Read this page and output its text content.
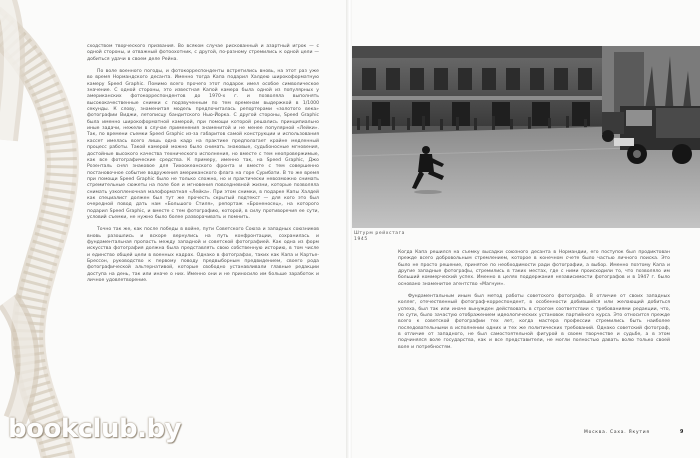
сходством творческого призвания. Во всяком случае рискованный и азартный игрок — с одной стороны, и отважный фотоохотник, с другой, по-разному стремились к одной цели — добиться удачи в своем деле Рейна.

По воле военного погоды, и фотокорреспонденты встретились вновь, на этот раз уже во время Нормандского десанта. Именно тогда Капа подарил Халдею широкоформатную камеру Speed Graphic. Помимо всего прочего этот подарок имел особое символическое значение. С одной стороны, это известная Капой камера была одной из популярных у американских фотокорреспондентов до 1970-х г. и позволяла выполнять высококачественные снимки с подзвученным по тем временам выдержкой в 1/1000 секунды. К слову, знаменитая модель предпочиталась репортерами «золотого века» фотографии Виджи, летописцу бандитского Нью-Йорка. С другой стороны, Speed Graphic была именно широкоформатной камерой, при помощи которой решались принципиально иные задачи, нежели в случае применения знаменитой и не менее популярной «Лейки». Так, по времени съемки Speed Graphic из-за габаритов самой конструкции и использования кассет имелась всего лишь одна кадр на практике предполагает крайне медленный процесс работы. Такой камерой можно было снимать знаковые, судьбоносные мгновения, достойные высокого качества технического исполнения, но вместе с тем неопровержимые, как все фотографические средства. К примеру, именно так, на Speed Graphic, Джо Розенталь снял знаковое для Тихоокеанского фронта и вместе с тем совершенно постановочное событие водружения американского флага на горе Сурибати. В то же время при помощи Speed Graphic было не только сложно, но и практически невозможно снимать стремительные сюжеты на поле боя и мгновения повседневной жизни, которые позволяла снимать узкопленочная малоформатная «Лейка». При этом снимки, в подарке Капы Халдей как специалист должен был тут же прочесть скрытый подтекст — для кого это был очередной повод дать нам «Большого Стиля», репортаж «Броненосец», на которого подарил Speed Graphic, и вместе с тем фотографию, которой, в силу противоречия ее сути, условий съемки, не нужно было более разворачивать и помнить.

Точно так же, как после победы в войне, пути Советского Союза и западных союзников вновь разошлись и вскоре вернулись на путь конфронтации, сохранилась и фундаментальная пропасть между западной и советской фотографией. Как одна из форм искусства фотография должна была представлять свою собственную историю, в том числе и единство общей цели в военных кадрах. Однако в фотографах, таких как Капа и Картье-Брессон, руководство к первому поводу предвыборным предвидением, своего рода фотографической альтернативой, которые свободно устанавливали главные редакции доступа на день, так или иначе о них. Именно они и не приносило им больше заработок и личное удовлетворение.

bookclub.by
Штурм рейхстага
1945

Когда Капа решился на съемку высадки союзного десанта в Нормандии, его поступок был продиктован прежде всего добровольным стремлением, которое в конечном счете было частью личного поиска. Это было не просто решение, принятое по необходимости ради фотографии, а выбор. Именно поэтому Капа и другие западные фотографы, стремились в таких местах, где с ними происходили то, что позволяло им больший коммерческий успех. Именно в целях поддержания независимости фотографов и в 1947 г. было основано знаменитое агентство «Магнум».

Фундаментальным иным был метод работы советского фотографа. В отличие от своих западных коллег, отечественный фотограф-корреспондент, в особенности добившийся или желающий добиться успеха, был так или иначе вынужден действовать в строгом соответствии с требованиями редакции, что, по сути, было зачастую отображением идеологических установок партийного курса. Это относится прежде всего к советской фотографии тех лет, когда мастера профессии стремились быть наиболее последовательными в исполнении одних и тех же политических требований. Однако советский фотограф, в отличие от западного, не был самостоятельной фигурой в своем творчестве и судьбе, а в этом подчинялся воле государства, как и все представители, не могли полностью давать волю только своей воле и потребностям.

Москва. Саха. Якутия	9
